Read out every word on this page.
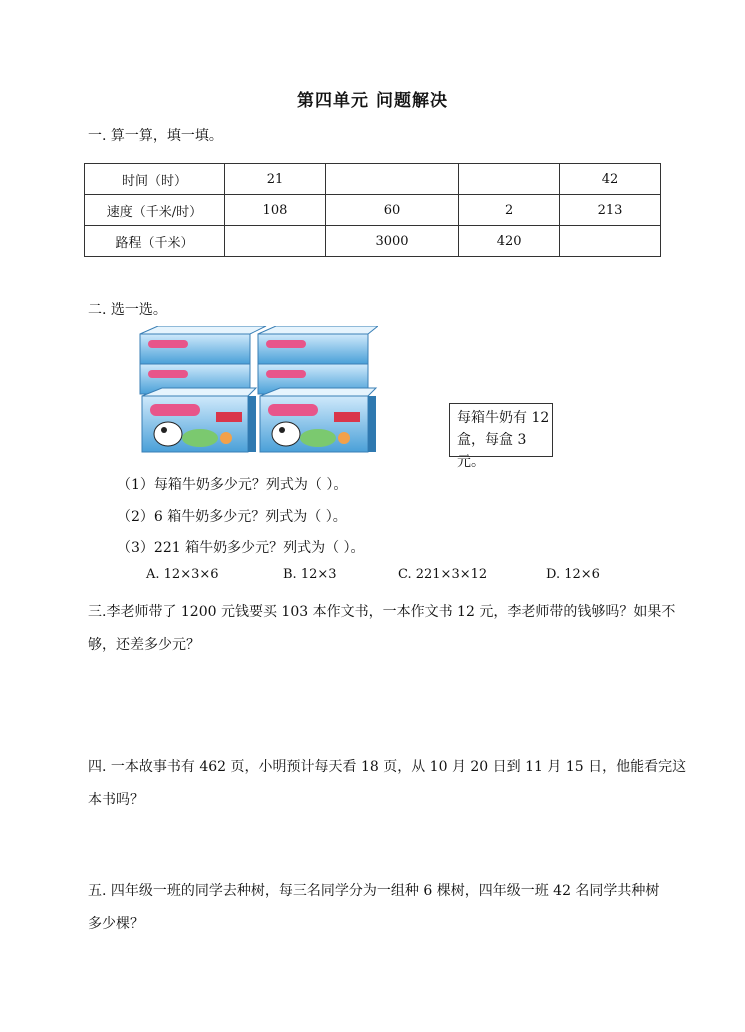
第四单元 问题解决
一. 算一算，填一填。
时间（时）	21			42
速度（千米/时）	108	60	2	213
路程（千米）		3000	420	
二. 选一选。
每箱牛奶有 12
盒，每盒 3 元。
（1）每箱牛奶多少元？列式为（ ）。
（2）6 箱牛奶多少元？列式为（ ）。
（3）221 箱牛奶多少元？列式为（ ）。
A. 12×3×6	B. 12×3	C. 221×3×12	D. 12×6
三.李老师带了 1200 元钱要买 103 本作文书，一本作文书 12 元，李老师带的钱够吗？如果不
够，还差多少元？
四. 一本故事书有 462 页，小明预计每天看 18 页，从 10 月 20 日到 11 月 15 日，他能看完这
本书吗？
五. 四年级一班的同学去种树，每三名同学分为一组种 6 棵树，四年级一班 42 名同学共种树
多少棵？
